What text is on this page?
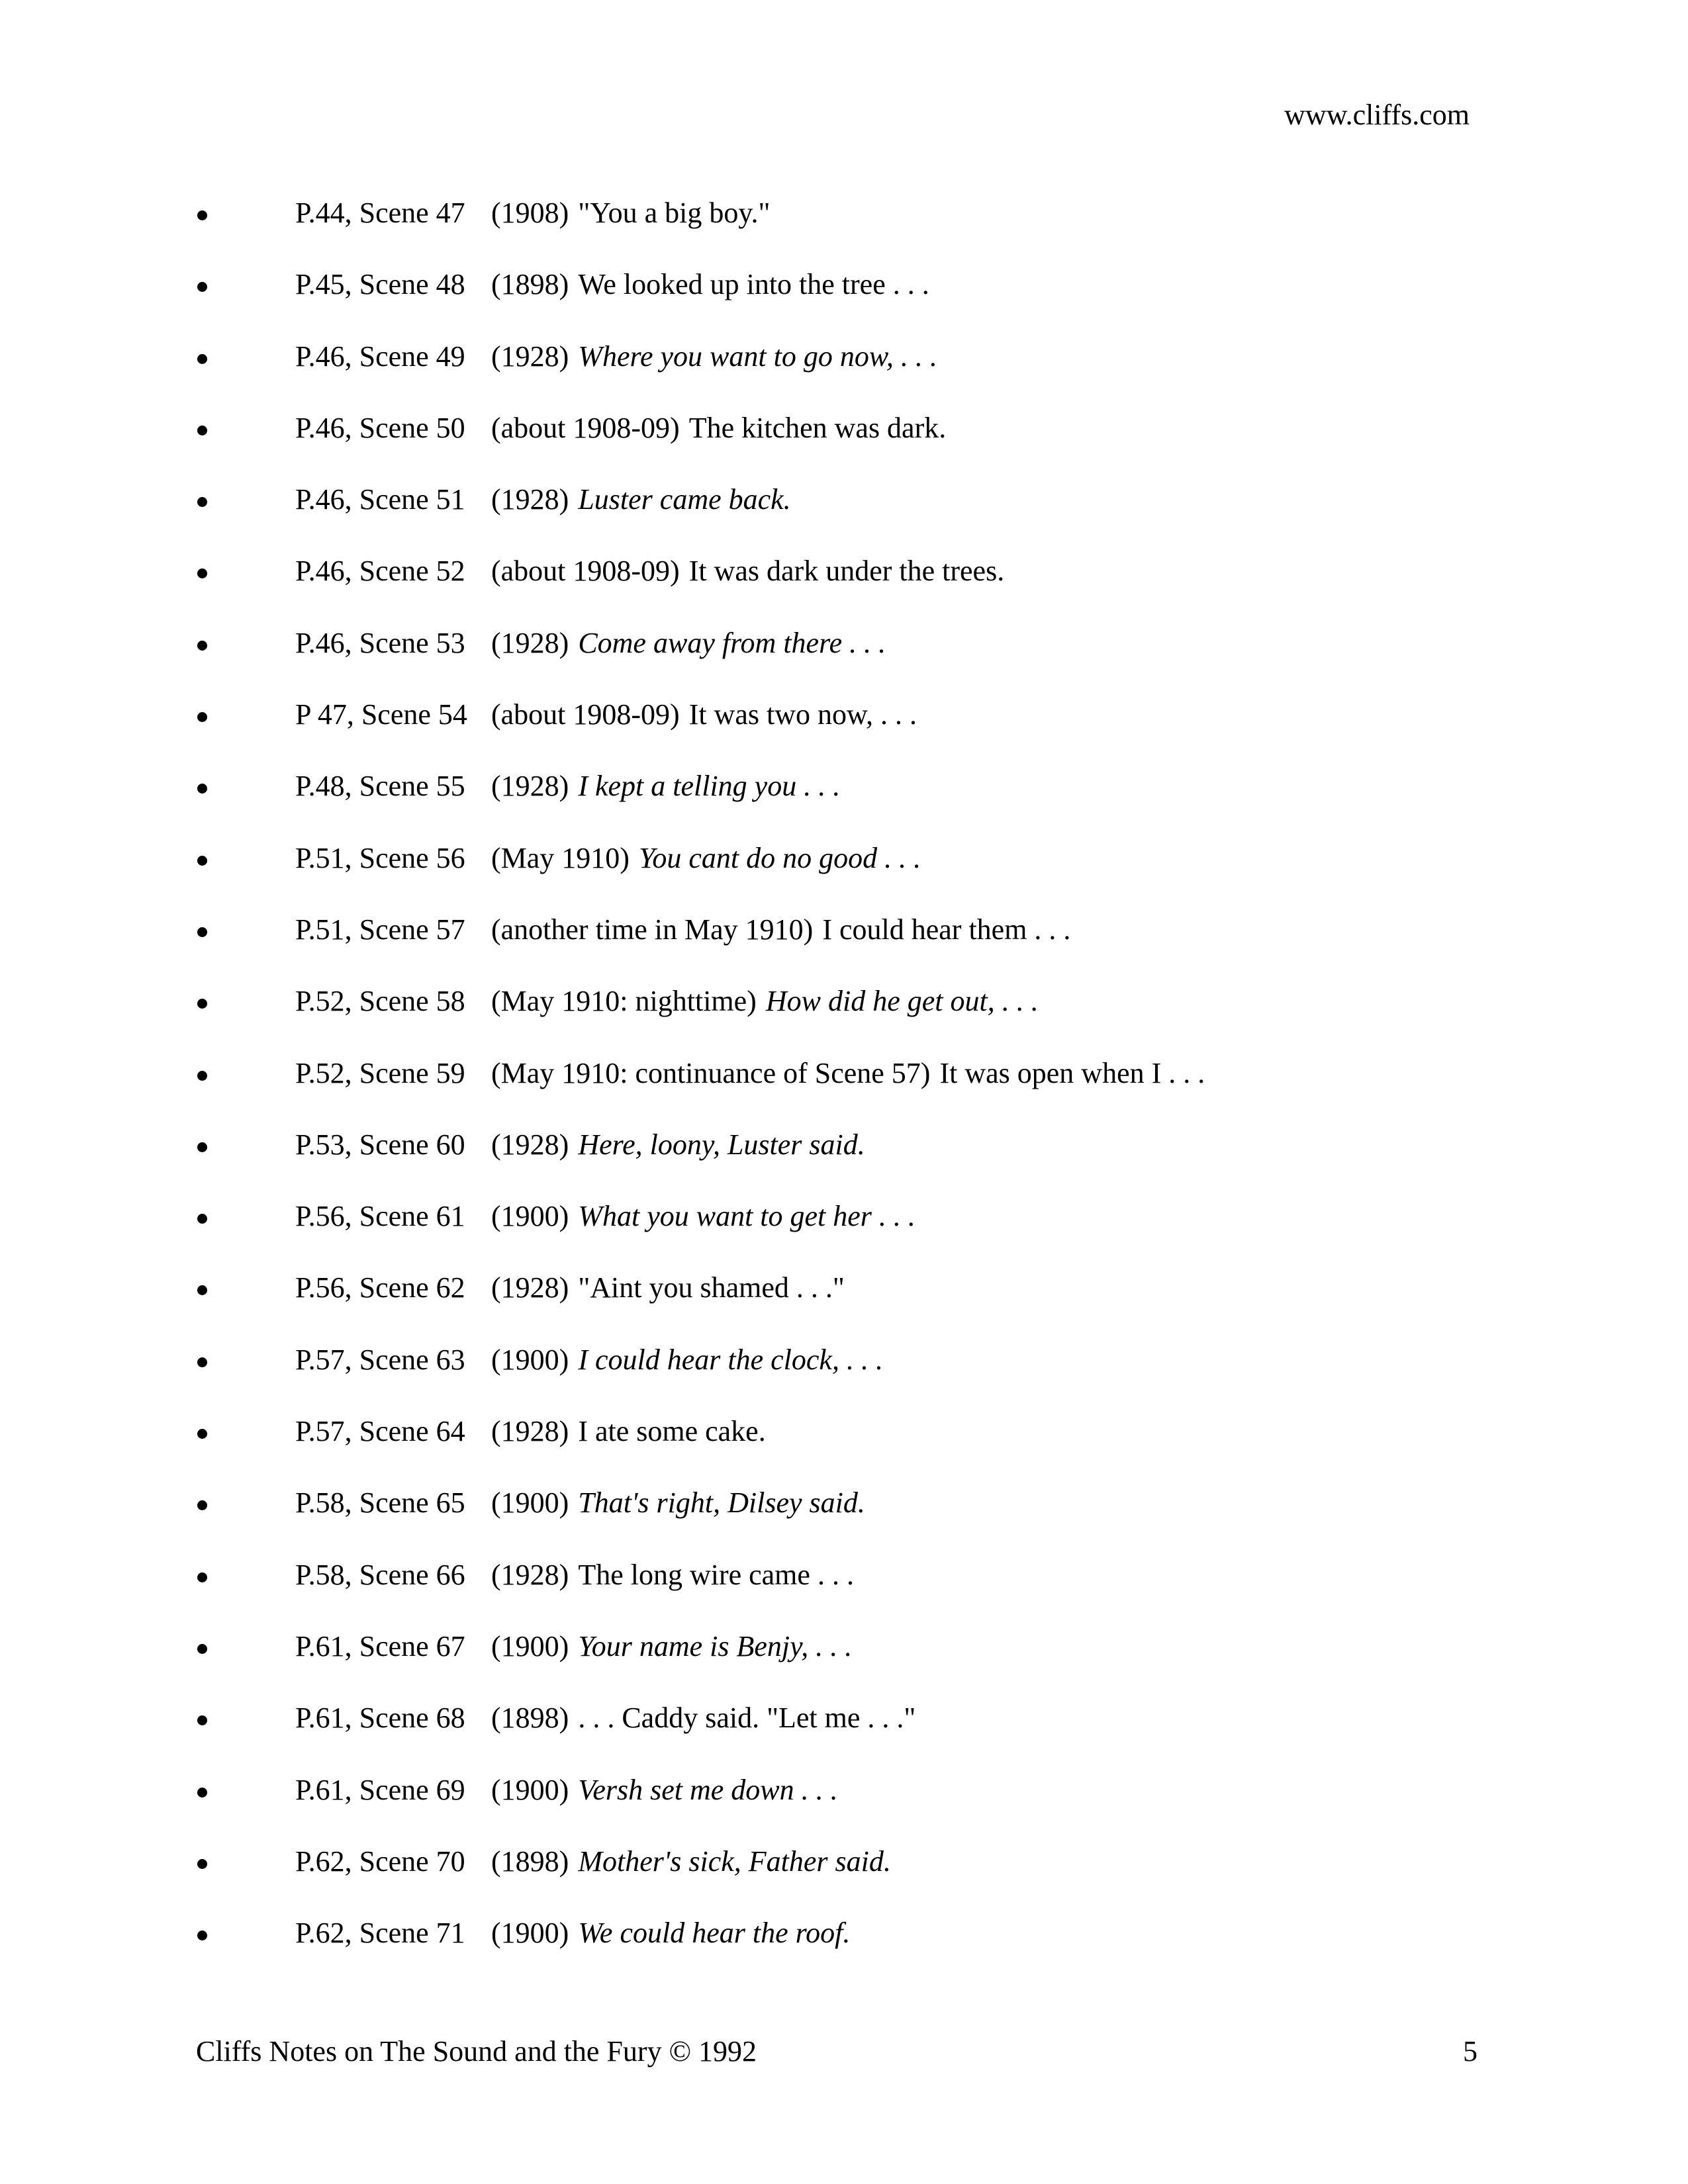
www.cliffs.com
P.44, Scene 47 (1908) "You a big boy."
P.45, Scene 48 (1898) We looked up into the tree . . .
P.46, Scene 49 (1928) Where you want to go now, . . .
P.46, Scene 50 (about 1908-09) The kitchen was dark.
P.46, Scene 51 (1928) Luster came back.
P.46, Scene 52 (about 1908-09) It was dark under the trees.
P.46, Scene 53 (1928) Come away from there . . .
P 47, Scene 54 (about 1908-09) It was two now, . . .
P.48, Scene 55 (1928) I kept a telling you . . .
P.51, Scene 56 (May 1910) You cant do no good . . .
P.51, Scene 57 (another time in May 1910) I could hear them . . .
P.52, Scene 58 (May 1910: nighttime) How did he get out, . . .
P.52, Scene 59 (May 1910: continuance of Scene 57) It was open when I . . .
P.53, Scene 60 (1928) Here, loony, Luster said.
P.56, Scene 61 (1900) What you want to get her . . .
P.56, Scene 62 (1928) "Aint you shamed . . ."
P.57, Scene 63 (1900) I could hear the clock, . . .
P.57, Scene 64 (1928) I ate some cake.
P.58, Scene 65 (1900) That's right, Dilsey said.
P.58, Scene 66 (1928) The long wire came . . .
P.61, Scene 67 (1900) Your name is Benjy, . . .
P.61, Scene 68 (1898) . . . Caddy said. "Let me . . ."
P.61, Scene 69 (1900) Versh set me down . . .
P.62, Scene 70 (1898) Mother's sick, Father said.
P.62, Scene 71 (1900) We could hear the roof.
Cliffs Notes on The Sound and the Fury © 1992	5
